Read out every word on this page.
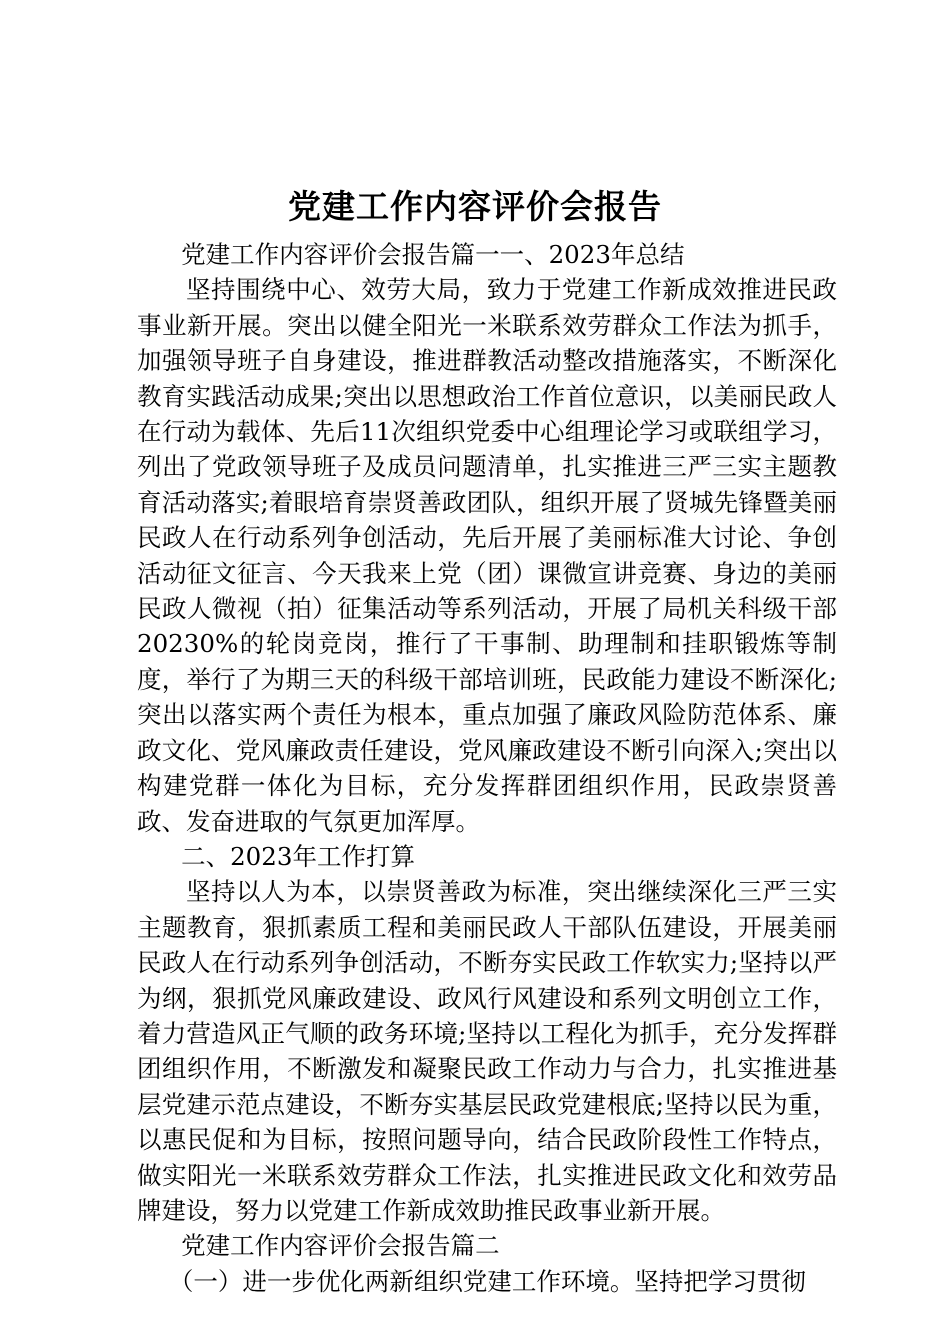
党建工作内容评价会报告

党建工作内容评价会报告篇一一、2023年总结

坚持围绕中心、效劳大局，致力于党建工作新成效推进民政事业新开展。突出以健全阳光一米联系效劳群众工作法为抓手，加强领导班子自身建设，推进群教活动整改措施落实，不断深化教育实践活动成果;突出以思想政治工作首位意识，以美丽民政人在行动为载体、先后11次组织党委中心组理论学习或联组学习，列出了党政领导班子及成员问题清单，扎实推进三严三实主题教育活动落实;着眼培育崇贤善政团队，组织开展了贤城先锋暨美丽民政人在行动系列争创活动，先后开展了美丽标准大讨论、争创活动征文征言、今天我来上党（团）课微宣讲竞赛、身边的美丽民政人微视（拍）征集活动等系列活动，开展了局机关科级干部20230%的轮岗竞岗，推行了干事制、助理制和挂职锻炼等制度，举行了为期三天的科级干部培训班，民政能力建设不断深化;突出以落实两个责任为根本，重点加强了廉政风险防范体系、廉政文化、党风廉政责任建设，党风廉政建设不断引向深入;突出以构建党群一体化为目标，充分发挥群团组织作用，民政崇贤善政、发奋进取的气氛更加浑厚。

二、2023年工作打算

坚持以人为本，以崇贤善政为标准，突出继续深化三严三实主题教育，狠抓素质工程和美丽民政人干部队伍建设，开展美丽民政人在行动系列争创活动，不断夯实民政工作软实力;坚持以严为纲，狠抓党风廉政建设、政风行风建设和系列文明创立工作，着力营造风正气顺的政务环境;坚持以工程化为抓手，充分发挥群团组织作用，不断激发和凝聚民政工作动力与合力，扎实推进基层党建示范点建设，不断夯实基层民政党建根底;坚持以民为重，以惠民促和为目标，按照问题导向，结合民政阶段性工作特点，做实阳光一米联系效劳群众工作法，扎实推进民政文化和效劳品牌建设，努力以党建工作新成效助推民政事业新开展。

党建工作内容评价会报告篇二

（一）进一步优化两新组织党建工作环境。坚持把学习贯彻
